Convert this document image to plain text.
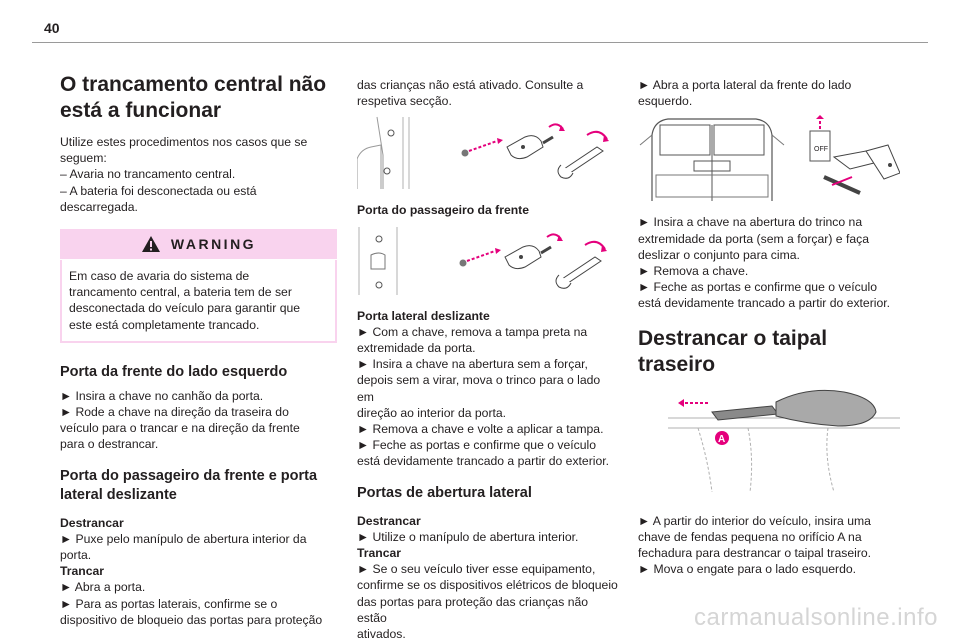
40
O trancamento central não
está a funcionar

Utilize estes procedimentos nos casos que se

seguem:

– Avaria no trancamento central.

– A bateria foi desconectada ou está

descarregada.

WARNING

Em caso de avaria do sistema de

trancamento central, a bateria tem de ser

desconectada do veículo para garantir que

este está completamente trancado.

Porta da frente do lado esquerdo

► Insira a chave no canhão da porta.

► Rode a chave na direção da traseira do

veículo para o trancar e na direção da frente

para o destrancar.

Porta do passageiro da frente e porta
lateral deslizante

Destrancar

► Puxe pelo manípulo de abertura interior da

porta.

Trancar

► Abra a porta.

► Para as portas laterais, confirme se o

dispositivo de bloqueio das portas para proteção

das crianças não está ativado. Consulte a

respetiva secção.

Porta do passageiro da frente

Porta lateral deslizante

► Com a chave, remova a tampa preta na

extremidade da porta.

► Insira a chave na abertura sem a forçar,

depois sem a virar, mova o trinco para o lado em

direção ao interior da porta.

► Remova a chave e volte a aplicar a tampa.

► Feche as portas e confirme que o veículo

está devidamente trancado a partir do exterior.

Portas de abertura lateral

Destrancar

► Utilize o manípulo de abertura interior.

Trancar

► Se o seu veículo tiver esse equipamento,

confirme se os dispositivos elétricos de bloqueio

das portas para proteção das crianças não estão

ativados.

► Abra a porta lateral da frente do lado

esquerdo.

OFF

► Insira a chave na abertura do trinco na

extremidade da porta (sem a forçar) e faça

deslizar o conjunto para cima.

► Remova a chave.

► Feche as portas e confirme que o veículo

está devidamente trancado a partir do exterior.

Destrancar o taipal traseiro
A

► A partir do interior do veículo, insira uma

chave de fendas pequena no orifício A na

fechadura para destrancar o taipal traseiro.

► Mova o engate para o lado esquerdo.

carmanualsonline.info
